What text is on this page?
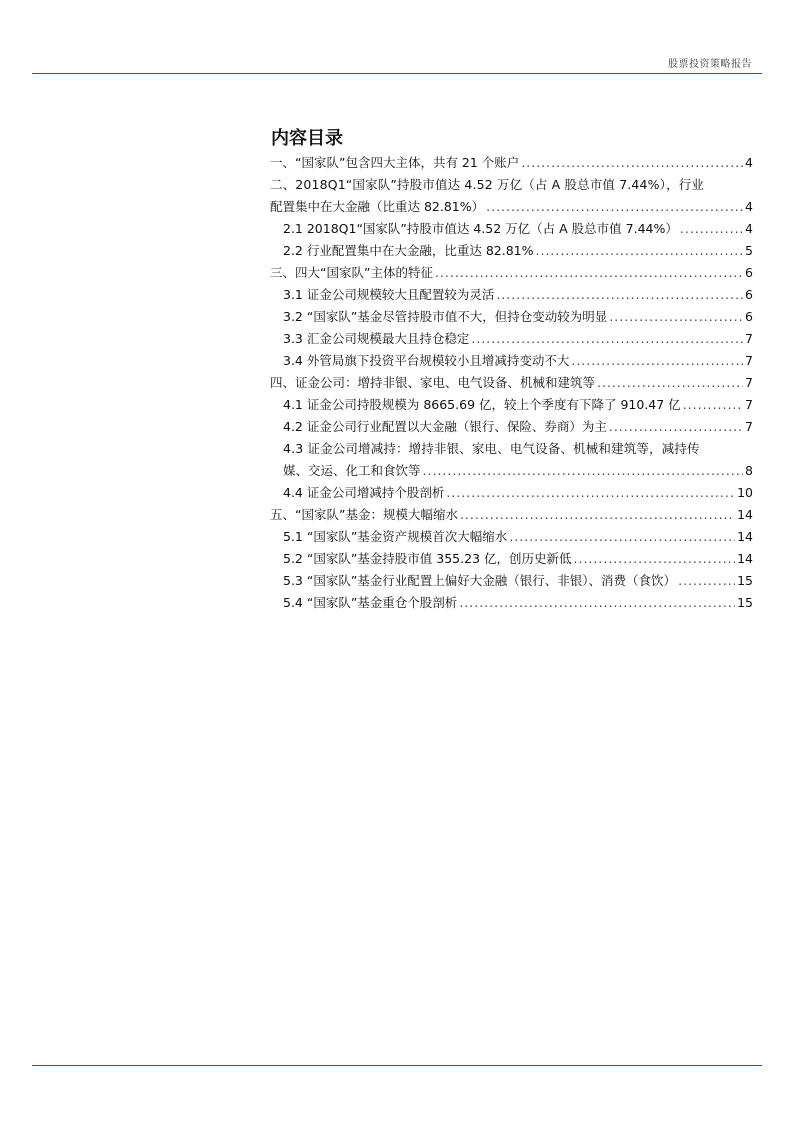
股票投资策略报告
内容目录
一、“国家队”包含四大主体，共有 21 个账户 .....	4
二、2018Q1“国家队”持股市值达 4.52 万亿（占 A 股总市值 7.44%），行业
配置集中在大金融（比重达 82.81%） .....	4
2.1 2018Q1“国家队”持股市值达 4.52 万亿（占 A 股总市值 7.44%） .....	4
2.2 行业配置集中在大金融，比重达 82.81% .....	5
三、四大“国家队”主体的特征 .....	6
3.1 证金公司规模较大且配置较为灵活 .....	6
3.2 “国家队”基金尽管持股市值不大，但持仓变动较为明显 .....	6
3.3 汇金公司规模最大且持仓稳定 .....	7
3.4 外管局旗下投资平台规模较小且增减持变动不大 .....	7
四、证金公司：增持非银、家电、电气设备、机械和建筑等 .....	7
4.1 证金公司持股规模为 8665.69 亿，较上个季度有下降了 910.47 亿 .....	7
4.2 证金公司行业配置以大金融（银行、保险、券商）为主 .....	7
4.3 证金公司增减持：增持非银、家电、电气设备、机械和建筑等，减持传
媒、交运、化工和食饮等 .....	8
4.4 证金公司增减持个股剖析 .....	10
五、“国家队”基金：规模大幅缩水 .....	14
5.1 “国家队”基金资产规模首次大幅缩水 .....	14
5.2 “国家队”基金持股市值 355.23 亿，创历史新低 .....	14
5.3 “国家队”基金行业配置上偏好大金融（银行、非银）、消费（食饮） .....	15
5.4 “国家队”基金重仓个股剖析 .....	15
